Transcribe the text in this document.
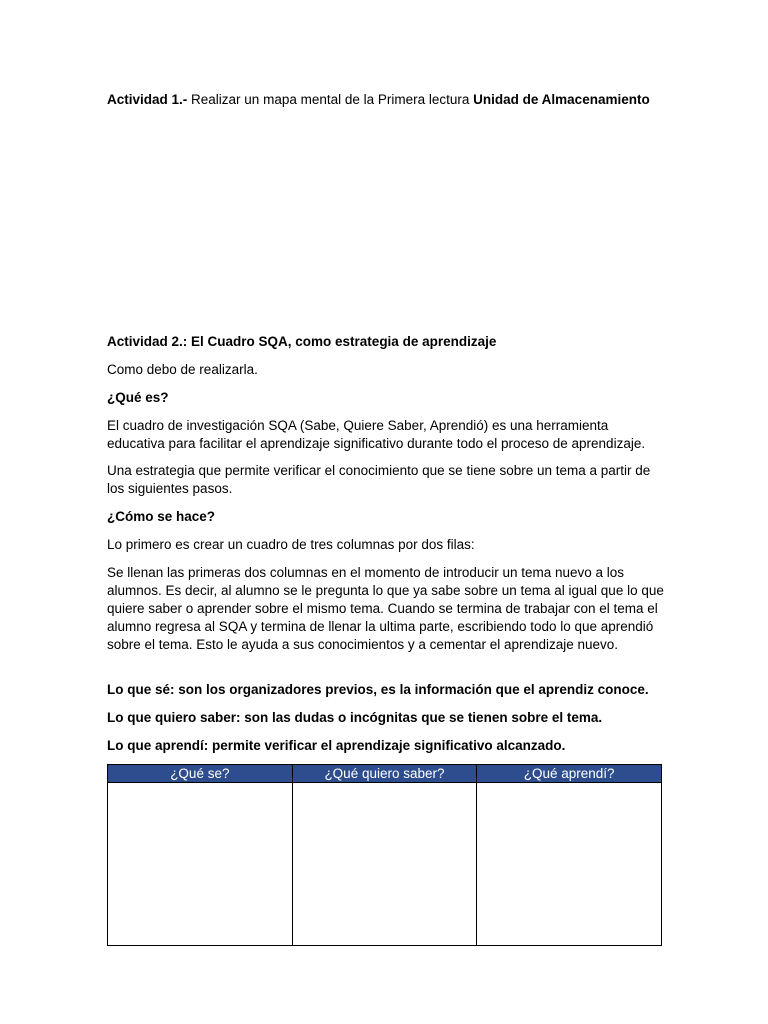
Actividad 1.- Realizar un mapa mental de la Primera lectura Unidad de Almacenamiento
Actividad 2.: El Cuadro SQA, como estrategia de aprendizaje
Como debo de realizarla.
¿Qué es?
El cuadro de investigación SQA (Sabe, Quiere Saber, Aprendió) es una herramienta educativa para facilitar el aprendizaje significativo durante todo el proceso de aprendizaje.
Una estrategia que permite verificar el conocimiento que se tiene sobre un tema a partir de los siguientes pasos.
¿Cómo se hace?
Lo primero es crear un cuadro de tres columnas por dos filas:
Se llenan las primeras dos columnas en el momento de introducir un tema nuevo a los alumnos. Es decir, al alumno se le pregunta lo que ya sabe sobre un tema al igual que lo que quiere saber o aprender sobre el mismo tema. Cuando se termina de trabajar con el tema el alumno regresa al SQA y termina de llenar la ultima parte, escribiendo todo lo que aprendió sobre el tema. Esto le ayuda a sus conocimientos y a cementar el aprendizaje nuevo.
Lo que sé: son los organizadores previos, es la información que el aprendiz conoce.
Lo que quiero saber: son las dudas o incógnitas que se tienen sobre el tema.
Lo que aprendí: permite verificar el aprendizaje significativo alcanzado.
¿Qué se?	¿Qué quiero saber?	¿Qué aprendí?
